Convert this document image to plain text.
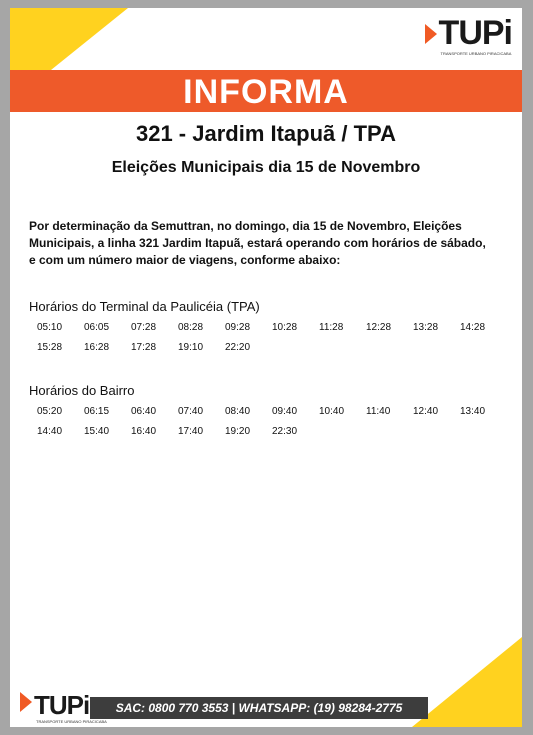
TUPi
TRANSPORTE URBANO PIRACICABA
INFORMA
321 - Jardim Itapuã / TPA
Eleições Municipais dia 15 de Novembro
Por determinação da Semuttran, no domingo, dia 15 de Novembro, Eleições Municipais, a linha 321 Jardim Itapuã, estará operando com horários de sábado, e com um número maior de viagens, conforme abaixo:
Horários do Terminal da Paulicéia (TPA)
05:10	06:05	07:28	08:28	09:28	10:28	11:28	12:28	13:28	14:28
15:28	16:28	17:28	19:10	22:20
Horários do Bairro
05:20	06:15	06:40	07:40	08:40	09:40	10:40	11:40	12:40	13:40
14:40	15:40	16:40	17:40	19:20	22:30
SAC: 0800 770 3553 | WHATSAPP: (19) 98284-2775
TUPi
TRANSPORTE URBANO PIRACICABA
